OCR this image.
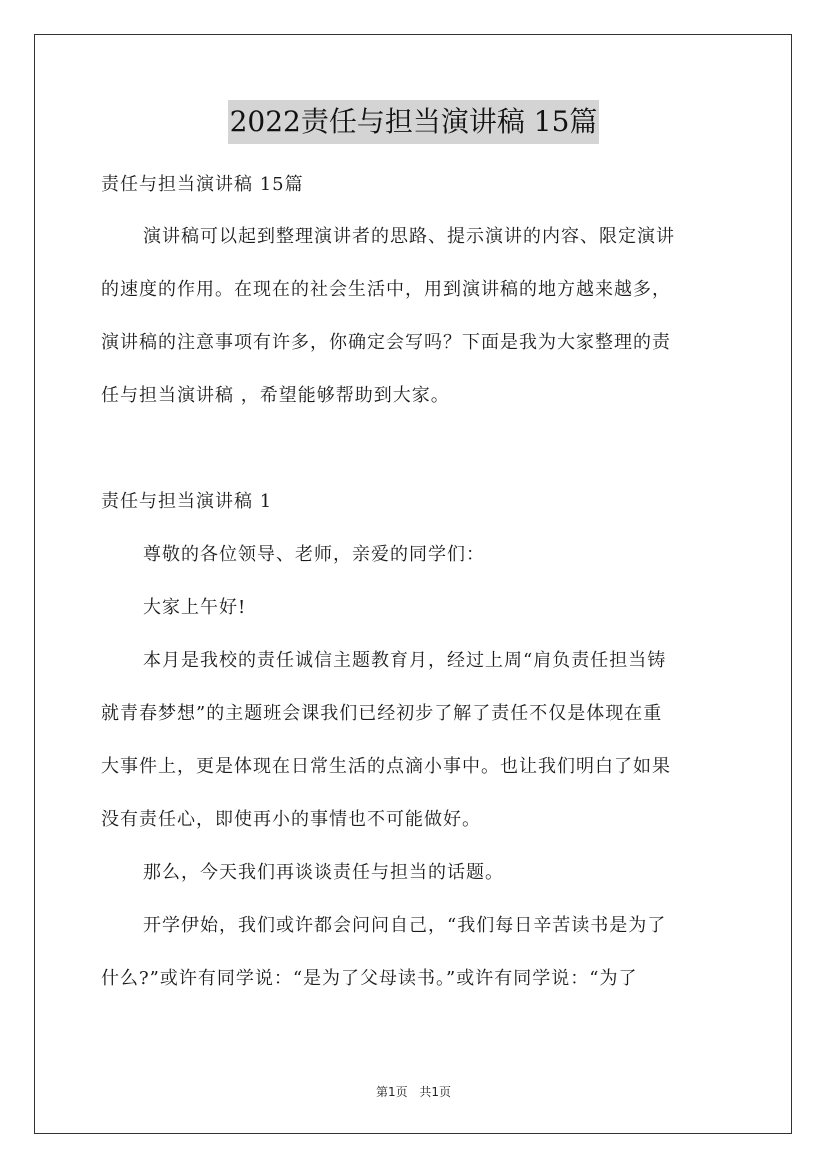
2022责任与担当演讲稿 15篇

责任与担当演讲稿 15篇

演讲稿可以起到整理演讲者的思路、提示演讲的内容、限定演讲

的速度的作用。在现在的社会生活中，用到演讲稿的地方越来越多，

演讲稿的注意事项有许多，你确定会写吗？下面是我为大家整理的责

任与担当演讲稿 ，希望能够帮助到大家。

责任与担当演讲稿 1

尊敬的各位领导、老师，亲爱的同学们：

大家上午好!

本月是我校的责任诚信主题教育月，经过上周“肩负责任担当铸

就青春梦想”的主题班会课我们已经初步了解了责任不仅是体现在重

大事件上，更是体现在日常生活的点滴小事中。也让我们明白了如果

没有责任心，即使再小的事情也不可能做好。

那么，今天我们再谈谈责任与担当的话题。

开学伊始，我们或许都会问问自己，“我们每日辛苦读书是为了

什么?”或许有同学说：“是为了父母读书。”或许有同学说：“为了

第1页 共1页
